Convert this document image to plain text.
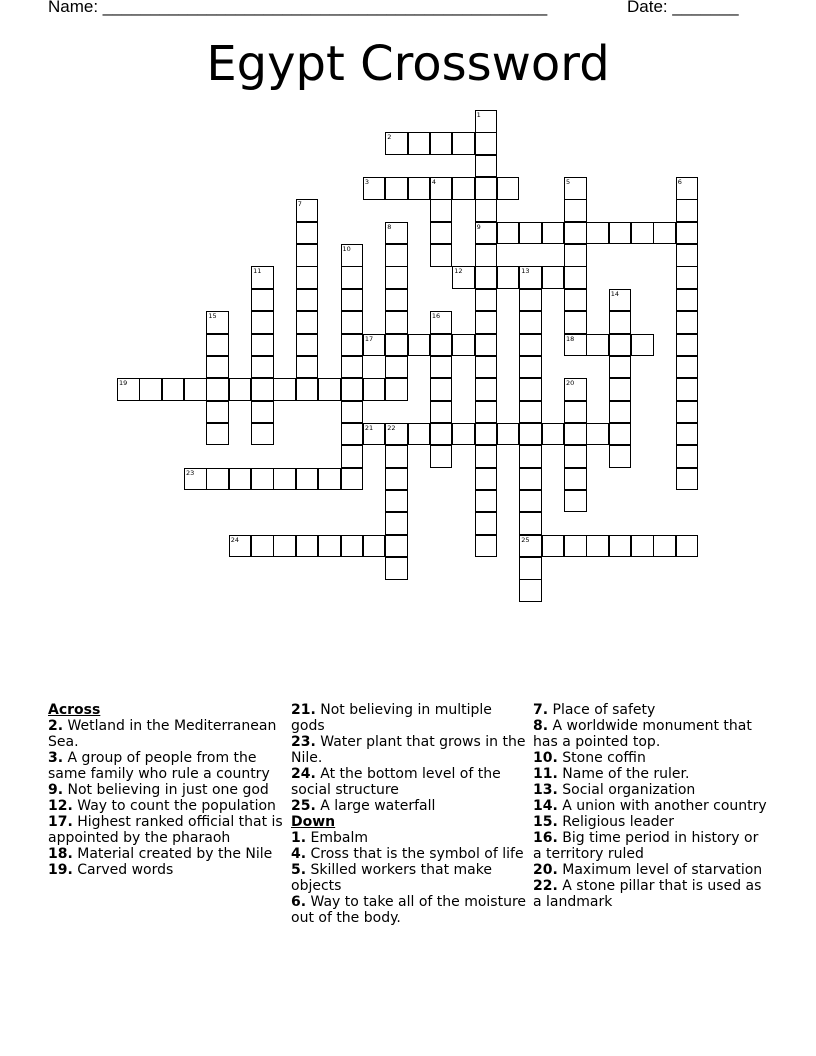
Name: _______________________________________________	Date: _______
Egypt Crossword
1
9
2
3	4	5	6
7
8
10
11	12	13
25
14
15	16
17	18
19	20
21 22
23
24
Across
2. Wetland in the Mediterranean Sea.
3. A group of people from the same family who rule a country
9. Not believing in just one god
12. Way to count the population
17. Highest ranked official that is appointed by the pharaoh
18. Material created by the Nile
19. Carved words
21. Not believing in multiple gods
23. Water plant that grows in the Nile.
24. At the bottom level of the social structure
25. A large waterfall
Down
1. Embalm
4. Cross that is the symbol of life
5. Skilled workers that make objects
6. Way to take all of the moisture out of the body.
7. Place of safety
8. A worldwide monument that has a pointed top.
10. Stone coffin
11. Name of the ruler.
13. Social organization
14. A union with another country
15. Religious leader
16. Big time period in history or a territory ruled
20. Maximum level of starvation
22. A stone pillar that is used as a landmark
